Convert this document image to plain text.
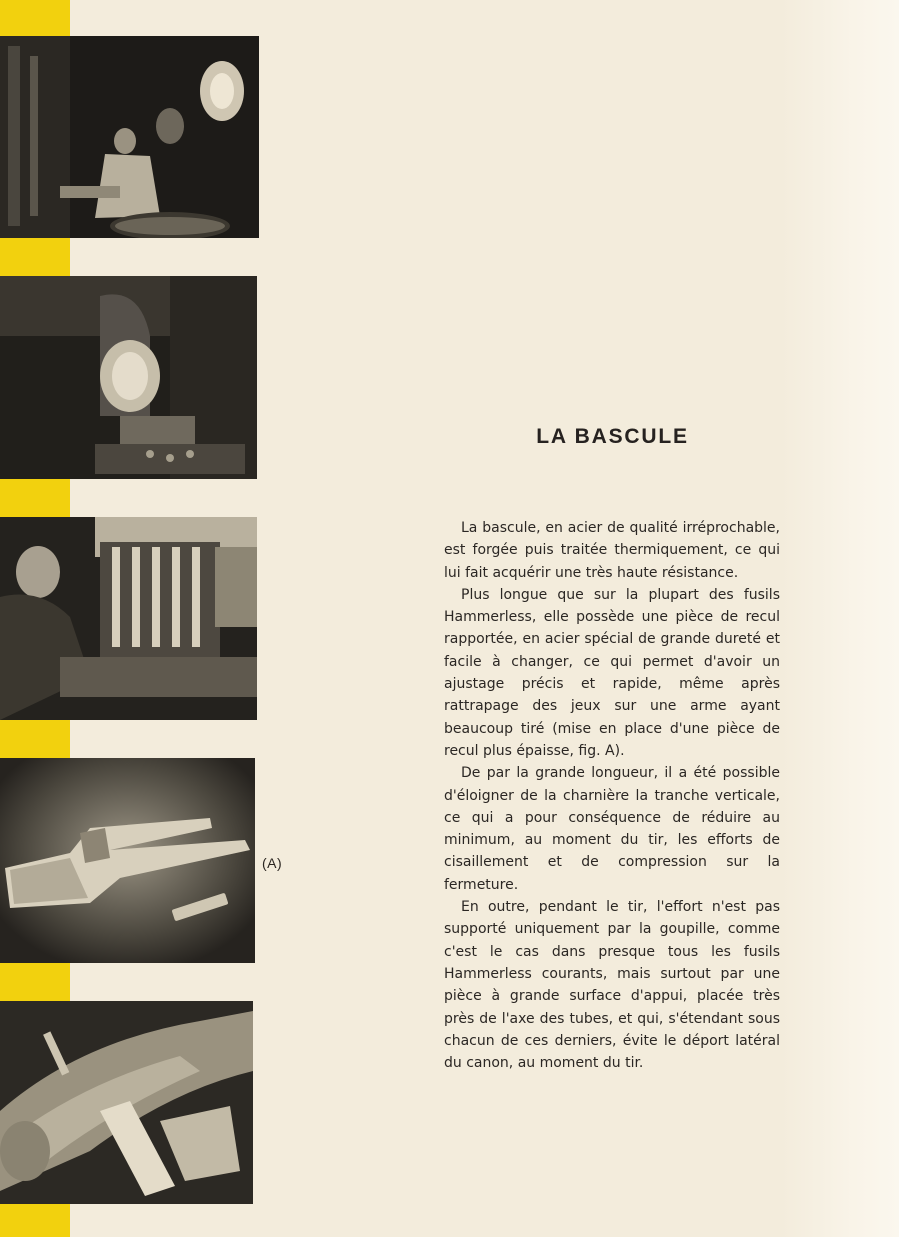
(A)
LA BASCULE

La bascule, en acier de qualité irréprochable, est forgée puis traitée thermiquement, ce qui lui fait acquérir une très haute résistance.

Plus longue que sur la plupart des fusils Hammerless, elle possède une pièce de recul rapportée, en acier spécial de grande dureté et facile à changer, ce qui permet d'avoir un ajustage précis et rapide, même après rattrapage des jeux sur une arme ayant beaucoup tiré (mise en place d'une pièce de recul plus épaisse, fig. A).

De par la grande longueur, il a été possible d'éloigner de la charnière la tranche verticale, ce qui a pour conséquence de réduire au minimum, au moment du tir, les efforts de cisaillement et de compression sur la fermeture.

En outre, pendant le tir, l'effort n'est pas supporté uniquement par la goupille, comme c'est le cas dans presque tous les fusils Hammerless courants, mais surtout par une pièce à grande surface d'appui, placée très près de l'axe des tubes, et qui, s'étendant sous chacun de ces derniers, évite le déport latéral du canon, au moment du tir.
